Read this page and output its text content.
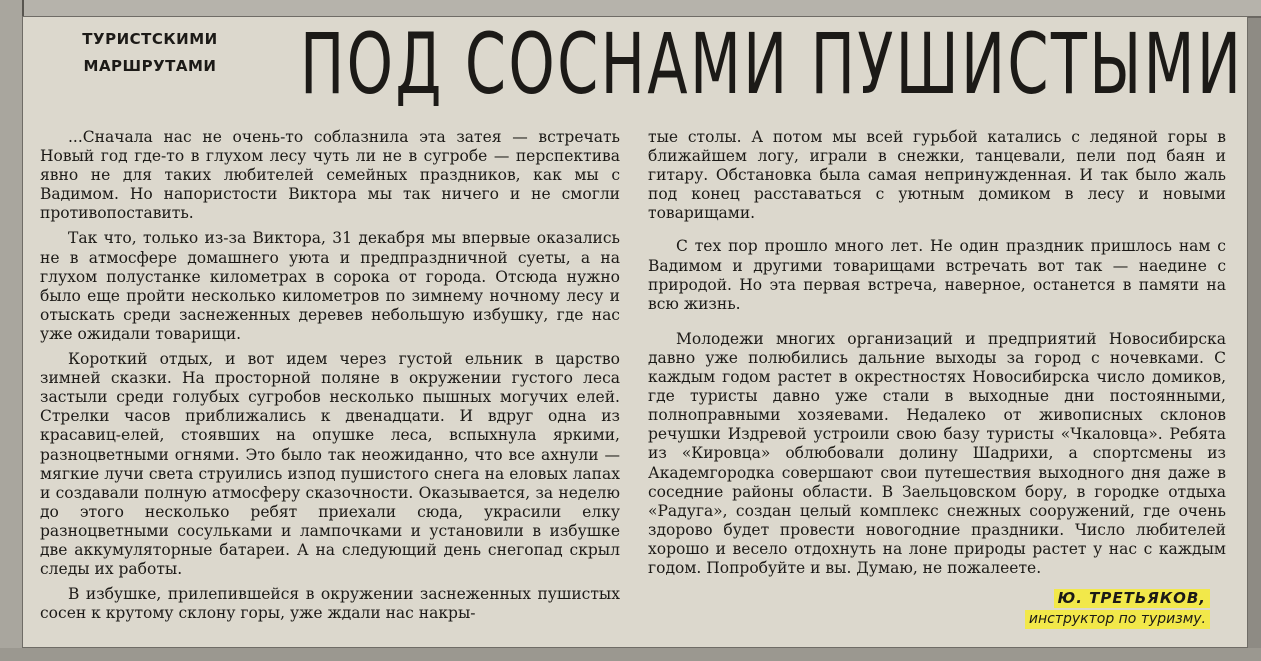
ТУРИСТСКИМИ
МАРШРУТАМИ ПОД СОСНАМИ ПУШИСТЫМИ

...Сначала нас не очень-то соблазнила эта затея — встречать Новый год где-то в глухом лесу чуть ли не в сугробе — перспектива явно не для таких любителей семейных праздников, как мы с Вадимом. Но напористости Виктора мы так ничего и не смогли противопоставить.

Так что, только из-за Виктора, 31 декабря мы впервые оказались не в атмосфере домашнего уюта и предпраздничной суеты, а на глухом полустанке километрах в сорока от города. Отсюда нужно было еще пройти несколько километров по зимнему ночному лесу и отыскать среди заснеженных деревев небольшую избушку, где нас уже ожидали товарищи.

Короткий отдых, и вот идем через густой ельник в царство зимней сказки. На просторной поляне в окружении густого леса застыли среди голубых сугробов несколько пышных могучих елей. Стрелки часов приближались к двенадцати. И вдруг одна из красавиц-елей, стоявших на опушке леса, вспыхнула яркими, разноцветными огнями. Это было так неожиданно, что все ахнули — мягкие лучи света струились изпод пушистого снега на еловых лапах и создавали полную атмосферу сказочности. Оказывается, за неделю до этого несколько ребят приехали сюда, украсили елку разноцветными сосульками и лампочками и установили в избушке две аккумуляторные батареи. А на следующий день снегопад скрыл следы их работы.

В избушке, прилепившейся в окружении заснеженных пушистых сосен к крутому склону горы, уже ждали нас накры-

тые столы. А потом мы всей гурьбой катались с ледяной горы в ближайшем логу, играли в снежки, танцевали, пели под баян и гитару. Обстановка была самая непринужденная. И так было жаль под конец расставаться с уютным домиком в лесу и новыми товарищами.

С тех пор прошло много лет. Не один праздник пришлось нам с Вадимом и другими товарищами встречать вот так — наедине с природой. Но эта первая встреча, наверное, останется в памяти на всю жизнь.

Молодежи многих организаций и предприятий Новосибирска давно уже полюбились дальние выходы за город с ночевками. С каждым годом растет в окрестностях Новосибирска число домиков, где туристы давно уже стали в выходные дни постоянными, полноправными хозяевами. Недалеко от живописных склонов речушки Издревой устроили свою базу туристы «Чкаловца». Ребята из «Кировца» облюбовали долину Шадрихи, а спортсмены из Академгородка совершают свои путешествия выходного дня даже в соседние районы области. В Заельцовском бору, в городке отдыха «Радуга», создан целый комплекс снежных сооружений, где очень здорово будет провести новогодние праздники. Число любителей хорошо и весело отдохнуть на лоне природы растет у нас с каждым годом. Попробуйте и вы. Думаю, не пожалеете.

Ю. ТРЕТЬЯКОВ,
инструктор по туризму.
